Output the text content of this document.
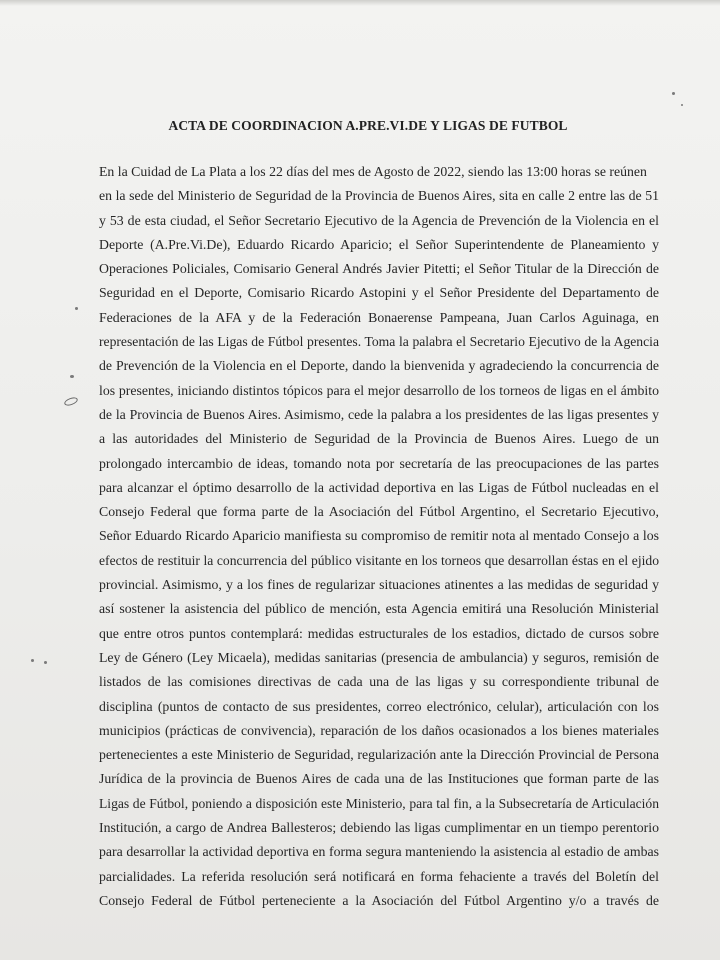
ACTA DE COORDINACION A.PRE.VI.DE Y LIGAS DE FUTBOL
En la Cuidad de La Plata a los 22 días del mes de Agosto de 2022, siendo las 13:00 horas se reúnen
en la sede del Ministerio de Seguridad de la Provincia de Buenos Aires, sita en calle 2 entre las de 51
y 53 de esta ciudad, el Señor Secretario Ejecutivo de la Agencia de Prevención de la Violencia en el
Deporte (A.Pre.Vi.De), Eduardo Ricardo Aparicio; el Señor Superintendente de Planeamiento y
Operaciones Policiales, Comisario General Andrés Javier Pitetti; el Señor Titular de la Dirección de
Seguridad en el Deporte, Comisario Ricardo Astopini y el Señor Presidente del Departamento de
Federaciones de la AFA y de la Federación Bonaerense Pampeana, Juan Carlos Aguinaga, en
representación de las Ligas de Fútbol presentes. Toma la palabra el Secretario Ejecutivo de la Agencia
de Prevención de la Violencia en el Deporte, dando la bienvenida y agradeciendo la concurrencia de
los presentes, iniciando distintos tópicos para el mejor desarrollo de los torneos de ligas en el ámbito
de la Provincia de Buenos Aires. Asimismo, cede la palabra a los presidentes de las ligas presentes y
a las autoridades del Ministerio de Seguridad de la Provincia de Buenos Aires. Luego de un
prolongado intercambio de ideas, tomando nota por secretaría de las preocupaciones de las partes
para alcanzar el óptimo desarrollo de la actividad deportiva en las Ligas de Fútbol nucleadas en el
Consejo Federal que forma parte de la Asociación del Fútbol Argentino, el Secretario Ejecutivo,
Señor Eduardo Ricardo Aparicio manifiesta su compromiso de remitir nota al mentado Consejo a los
efectos de restituir la concurrencia del público visitante en los torneos que desarrollan éstas en el ejido
provincial. Asimismo, y a los fines de regularizar situaciones atinentes a las medidas de seguridad y
así sostener la asistencia del público de mención, esta Agencia emitirá una Resolución Ministerial
que entre otros puntos contemplará: medidas estructurales de los estadios, dictado de cursos sobre
Ley de Género (Ley Micaela), medidas sanitarias (presencia de ambulancia) y seguros, remisión de
listados de las comisiones directivas de cada una de las ligas y su correspondiente tribunal de
disciplina (puntos de contacto de sus presidentes, correo electrónico, celular), articulación con los
municipios (prácticas de convivencia), reparación de los daños ocasionados a los bienes materiales
pertenecientes a este Ministerio de Seguridad, regularización ante la Dirección Provincial de Persona
Jurídica de la provincia de Buenos Aires de cada una de las Instituciones que forman parte de las
Ligas de Fútbol, poniendo a disposición este Ministerio, para tal fin, a la Subsecretaría de Articulación
Institución, a cargo de Andrea Ballesteros; debiendo las ligas cumplimentar en un tiempo perentorio
para desarrollar la actividad deportiva en forma segura manteniendo la asistencia al estadio de ambas
parcialidades. La referida resolución será notificará en forma fehaciente a través del Boletín del
Consejo Federal de Fútbol perteneciente a la Asociación del Fútbol Argentino y/o a través de
